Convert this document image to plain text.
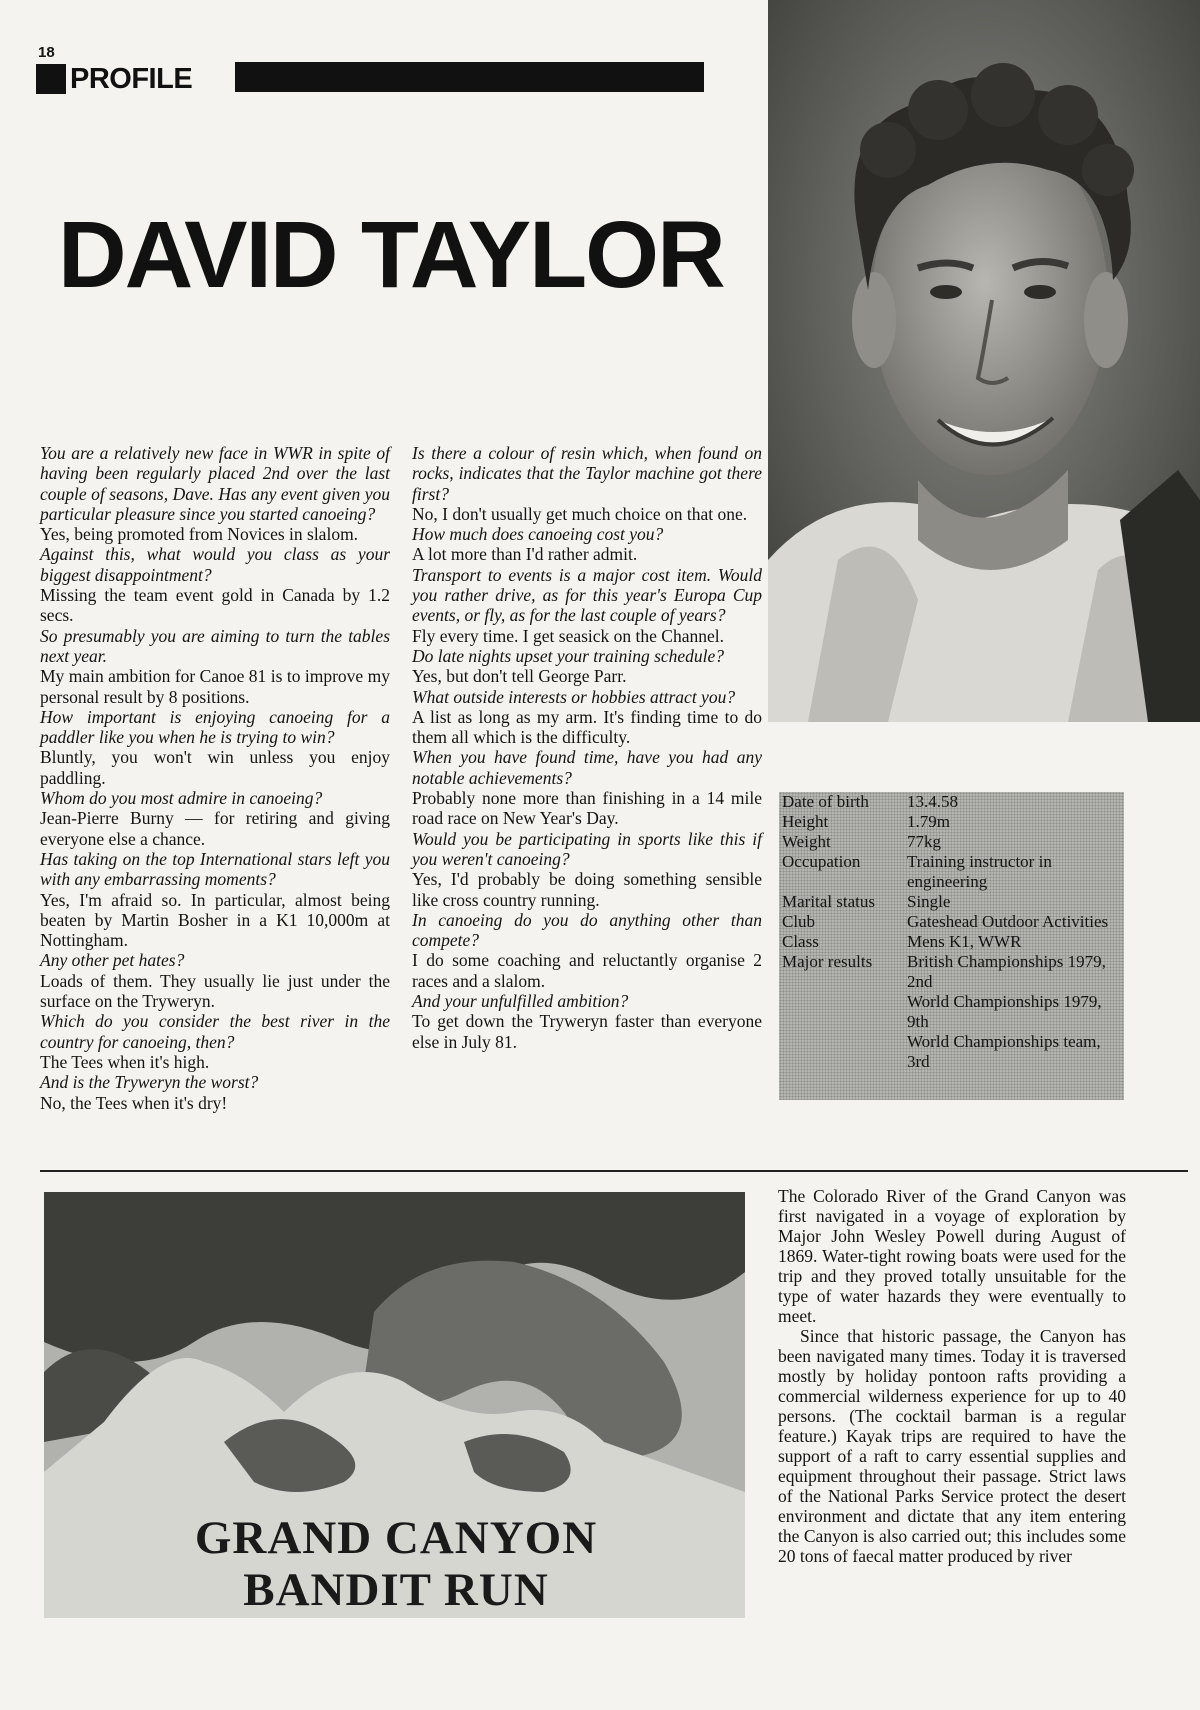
18
PROFILE
DAVID TAYLOR

You are a relatively new face in WWR in spite of having been regularly placed 2nd over the last couple of seasons, Dave. Has any event given you particular pleasure since you started canoeing?

Yes, being promoted from Novices in slalom.

Against this, what would you class as your biggest disappointment?

Missing the team event gold in Canada by 1.2 secs.

So presumably you are aiming to turn the tables next year.

My main ambition for Canoe 81 is to improve my personal result by 8 positions.

How important is enjoying canoeing for a paddler like you when he is trying to win?

Bluntly, you won't win unless you enjoy paddling.

Whom do you most admire in canoeing?

Jean-Pierre Burny — for retiring and giving everyone else a chance.

Has taking on the top International stars left you with any embarrassing moments?

Yes, I'm afraid so. In particular, almost being beaten by Martin Bosher in a K1 10,000m at Nottingham.

Any other pet hates?

Loads of them. They usually lie just under the surface on the Tryweryn.

Which do you consider the best river in the country for canoeing, then?

The Tees when it's high.

And is the Tryweryn the worst?

No, the Tees when it's dry!

Is there a colour of resin which, when found on rocks, indicates that the Taylor machine got there first?

No, I don't usually get much choice on that one.

How much does canoeing cost you?

A lot more than I'd rather admit.

Transport to events is a major cost item. Would you rather drive, as for this year's Europa Cup events, or fly, as for the last couple of years?

Fly every time. I get seasick on the Channel.

Do late nights upset your training schedule?

Yes, but don't tell George Parr.

What outside interests or hobbies attract you?

A list as long as my arm. It's finding time to do them all which is the difficulty.

When you have found time, have you had any notable achievements?

Probably none more than finishing in a 14 mile road race on New Year's Day.

Would you be participating in sports like this if you weren't canoeing?

Yes, I'd probably be doing something sensible like cross country running.

In canoeing do you do anything other than compete?

I do some coaching and reluctantly organise 2 races and a slalom.

And your unfulfilled ambition?

To get down the Tryweryn faster than everyone else in July 81.

Date of birth	13.4.58
Height	1.79m
Weight	77kg
Occupation	Training instructor in engineering
Marital status	Single
Club	Gateshead Outdoor Activities
Class	Mens K1, WWR
Major results	British Championships 1979, 2nd
World Championships 1979, 9th
World Championships team, 3rd
GRAND CANYON
BANDIT RUN

The Colorado River of the Grand Canyon was first navigated in a voyage of exploration by Major John Wesley Powell during August of 1869. Water-tight rowing boats were used for the trip and they proved totally unsuitable for the type of water hazards they were eventually to meet.

Since that historic passage, the Canyon has been navigated many times. Today it is traversed mostly by holiday pontoon rafts providing a commercial wilderness experience for up to 40 persons. (The cocktail barman is a regular feature.) Kayak trips are required to have the support of a raft to carry essential supplies and equipment throughout their passage. Strict laws of the National Parks Service protect the desert environment and dictate that any item entering the Canyon is also carried out; this includes some 20 tons of faecal matter produced by river
